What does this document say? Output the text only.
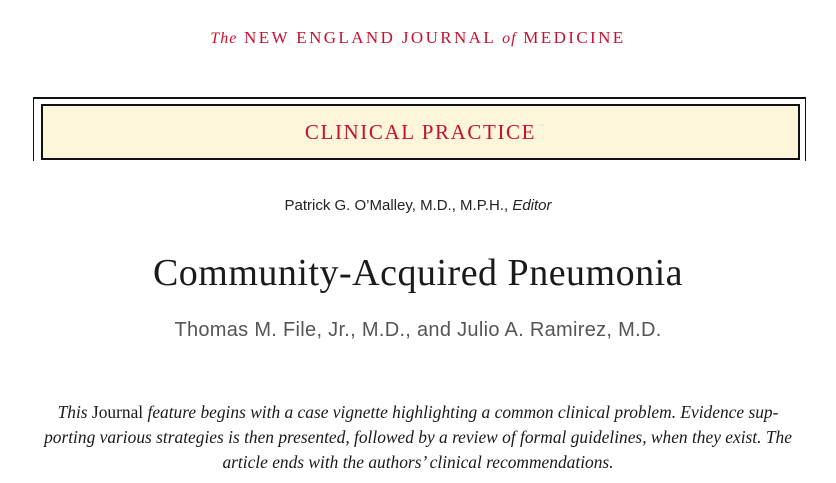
The NEW ENGLAND JOURNAL of MEDICINE
CLINICAL PRACTICE
Patrick G. O’Malley, M.D., M.P.H., Editor
Community-Acquired Pneumonia
Thomas M. File, Jr., M.D., and Julio A. Ramirez, M.D.
This Journal feature begins with a case vignette highlighting a common clinical problem. Evidence sup-
porting various strategies is then presented, followed by a review of formal guidelines, when they exist. The
article ends with the authors’ clinical recommendations.
